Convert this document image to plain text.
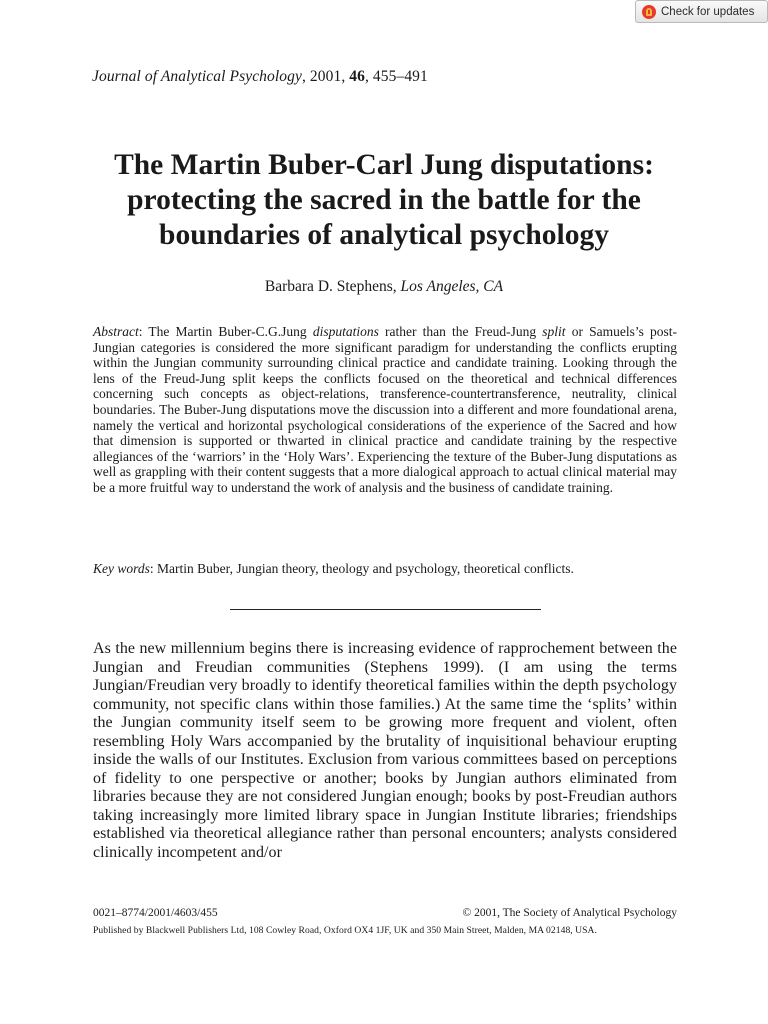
Check for updates
Journal of Analytical Psychology, 2001, 46, 455–491
The Martin Buber-Carl Jung disputations:
protecting the sacred in the battle for the
boundaries of analytical psychology
Barbara D. Stephens, Los Angeles, CA

Abstract: The Martin Buber-C.G.Jung disputations rather than the Freud-Jung split or Samuels’s post-Jungian categories is considered the more significant paradigm for understanding the conflicts erupting within the Jungian community surrounding clinical practice and candidate training. Looking through the lens of the Freud-Jung split keeps the conflicts focused on the theoretical and technical differences concerning such concepts as object-relations, transference-countertransference, neutrality, clinical boundaries. The Buber-Jung disputations move the discussion into a different and more foundational arena, namely the vertical and horizontal psychological considerations of the experience of the Sacred and how that dimension is supported or thwarted in clinical practice and candidate training by the respective allegiances of the ‘warriors’ in the ‘Holy Wars’. Experiencing the texture of the Buber-Jung disputations as well as grappling with their content suggests that a more dialogical approach to actual clinical material may be a more fruitful way to understand the work of analysis and the business of candidate training.

Key words: Martin Buber, Jungian theory, theology and psychology, theoretical conflicts.

As the new millennium begins there is increasing evidence of rapprochement between the Jungian and Freudian communities (Stephens 1999). (I am using the terms Jungian/Freudian very broadly to identify theoretical families within the depth psychology community, not specific clans within those families.) At the same time the ‘splits’ within the Jungian community itself seem to be growing more frequent and violent, often resembling Holy Wars accompanied by the brutality of inquisitional behaviour erupting inside the walls of our Institutes. Exclusion from various committees based on perceptions of fidelity to one perspective or another; books by Jungian authors eliminated from libraries because they are not considered Jungian enough; books by post-Freudian authors taking increasingly more limited library space in Jungian Institute libraries; friendships established via theoretical allegiance rather than personal encounters; analysts considered clinically incompetent and/or

0021–8774/2001/4603/455	© 2001, The Society of Analytical Psychology

Published by Blackwell Publishers Ltd, 108 Cowley Road, Oxford OX4 1JF, UK and 350 Main Street, Malden, MA 02148, USA.
